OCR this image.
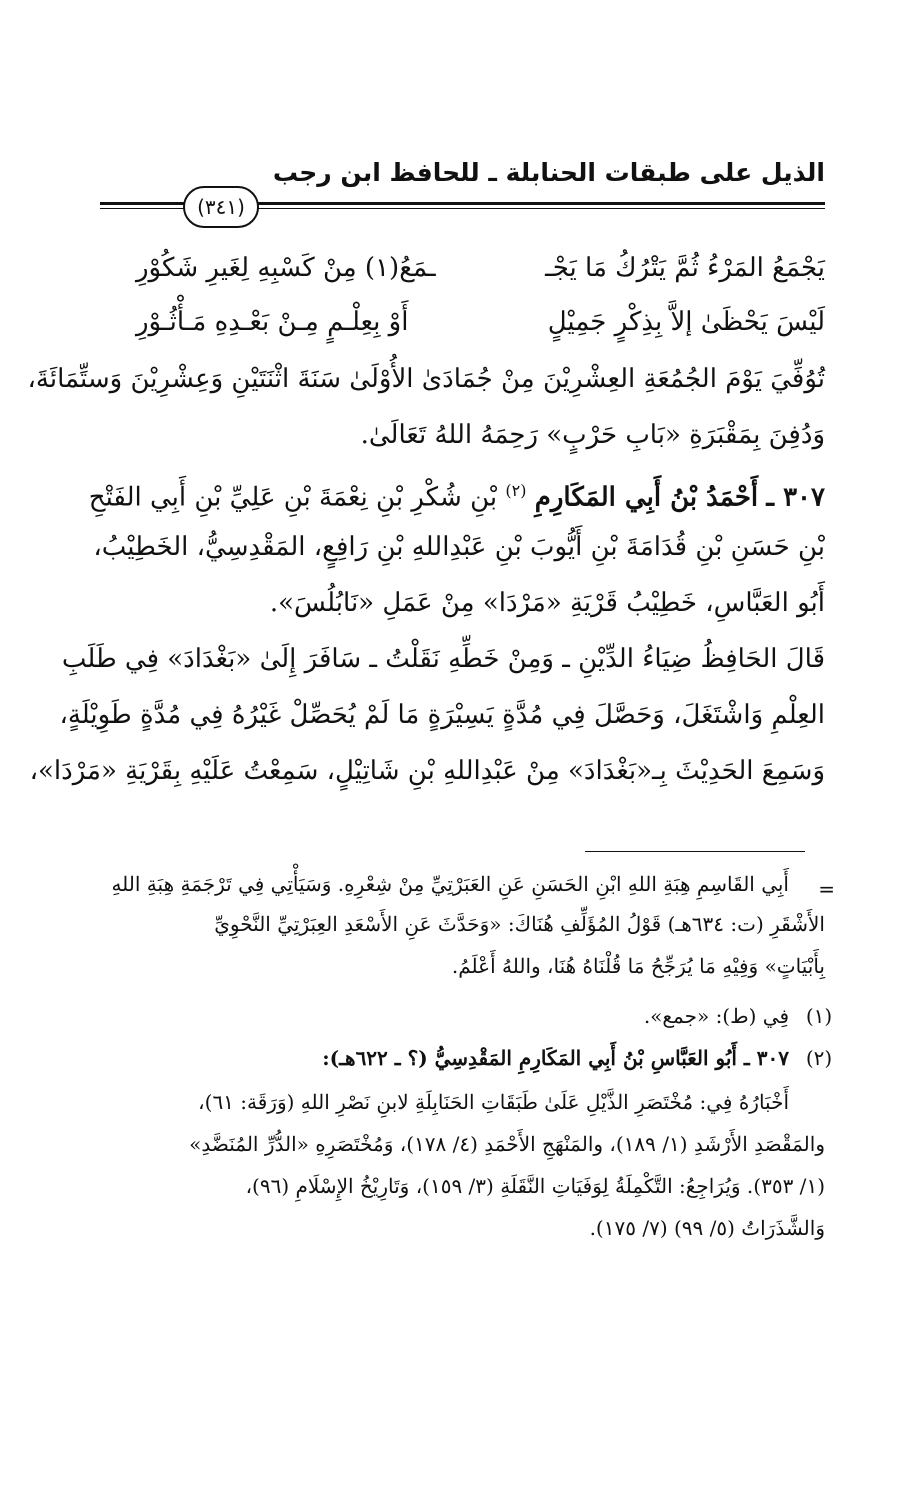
الذيل على طبقات الحنابلة ـ للحافظ ابن رجب
(٣٤١)
يَجْمَعُ المَرْءُ ثُمَّ يَتْرُكُ مَا يَجْـ
ـمَعُ(١) مِنْ كَسْبِهِ لِغَيرِ شَكُوْرِ
لَيْسَ يَحْظَىٰ إلاَّ بِذِكْرٍ جَمِيْلٍ
أَوْ بِعِلْـمٍ مِـنْ بَعْـدِهِ مَـأْثُـوْرِ
تُوُفِّيَ يَوْمَ الجُمُعَةِ العِشْرِيْنَ مِنْ جُمَادَىٰ الأُوْلَىٰ سَنَةَ اثْنَتَيْنِ وَعِشْرِيْنَ وَستِّمَائَةَ،
وَدُفِنَ بِمَقْبَرَةِ «بَابِ حَرْبٍ» رَحِمَهُ اللهُ تَعَالَىٰ.
٣٠٧ ـ أَحْمَدُ بْنُ أَبِي المَكَارِمِ $^{(٢)}$ بْنِ شُكْرِ بْنِ نِعْمَةَ بْنِ عَلِيِّ بْنِ أَبِي الفَتْحِ
بْنِ حَسَنِ بْنِ قُدَامَةَ بْنِ أَيُّوبَ بْنِ عَبْدِاللهِ بْنِ رَافِعٍ، المَقْدِسِيُّ، الخَطِيْبُ،
أَبُو العَبَّاسِ، خَطِيْبُ قَرْيَةِ «مَرْدَا» مِنْ عَمَلِ «نَابُلُسَ».
قَالَ الحَافِظُ ضِيَاءُ الدِّيْنِ ـ وَمِنْ خَطِّهِ نَقَلْتُ ـ سَافَرَ إِلَىٰ «بَغْدَادَ» فِي طَلَبِ
العِلْمِ وَاشْتَغَلَ، وَحَصَّلَ فِي مُدَّةٍ يَسِيْرَةٍ مَا لَمْ يُحَصِّلْ غَيْرُهُ فِي مُدَّةٍ طَوِيْلَةٍ،
وَسَمِعَ الحَدِيْثَ بِـ«بَغْدَادَ» مِنْ عَبْدِاللهِ بْنِ شَاتِيْلٍ، سَمِعْتُ عَلَيْهِ بِقَرْيَةِ «مَرْدَا»،
=
أَبِي القَاسِمِ هِبَةِ اللهِ ابْنِ الحَسَنِ عَنِ العَبَرْتِيِّ مِنْ شِعْرِهِ. وَسَيَأْتِي فِي تَرْجَمَةِ هِبَةِ اللهِ
الأَشْقَرِ (ت: ٦٣٤هـ) قَوْلُ المُؤَلِّفِ هُنَاكَ: «وَحَدَّثَ عَنِ الأَسْعَدِ العِبَرْتِيِّ النَّحْوِيِّ
بِأَبْيَاتٍ» وَفِيْهِ مَا يُرَجِّحُ مَا قُلْنَاهُ هُنَا، واللهُ أَعْلَمُ.
(١)
فِي (ط): «جمع».
(٢)
٣٠٧ ـ أَبُو العَبَّاسِ بْنُ أَبِي المَكَارِمِ المَقْدِسِيُّ (؟ ـ ٦٢٢هـ):
أَخْبَارُهُ فِي: مُخْتَصَرِ الذَّيْلِ عَلَىٰ طَبَقَاتِ الحَنَابِلَةِ لابنِ نَصْرِ اللهِ (وَرَقَة: ٦١)،
والمَقْصَدِ الأَرْشَدِ (١/ ١٨٩)، والمَنْهَجِ الأَحْمَدِ (٤/ ١٧٨)، وَمُخْتَصَرِهِ «الدُّرِّ المُنَضَّدِ»
(١/ ٣٥٣). وَيُرَاجِعُ: التَّكْمِلَةُ لِوَفَيَاتِ النَّقَلَةِ (٣/ ١٥٩)، وَتَارِيْخُ الإِسْلَامِ (٩٦)،
وَالشَّذَرَاتُ (٥/ ٩٩) (٧/ ١٧٥).
